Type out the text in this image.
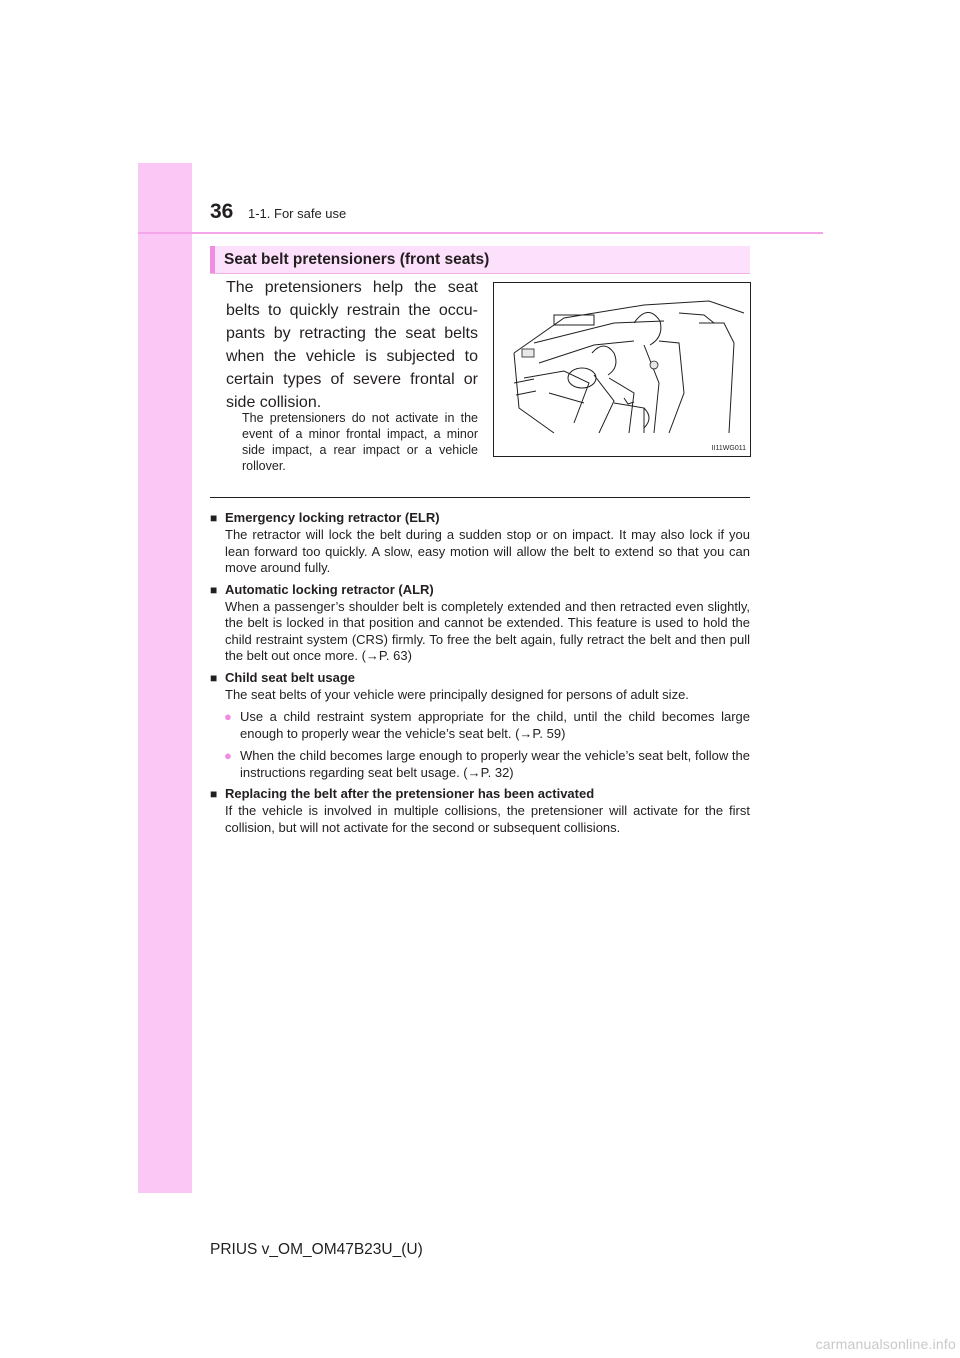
36 1-1. For safe use
Seat belt pretensioners (front seats)
The pretensioners help the seat belts to quickly restrain the occu-pants by retracting the seat belts when the vehicle is subjected to certain types of severe frontal or side collision.
The pretensioners do not activate in the event of a minor frontal impact, a minor side impact, a rear impact or a vehicle rollover.
II11WG011
■ Emergency locking retractor (ELR)
The retractor will lock the belt during a sudden stop or on impact. It may also lock if you lean forward too quickly. A slow, easy motion will allow the belt to extend so that you can move around fully.
■ Automatic locking retractor (ALR)
When a passenger’s shoulder belt is completely extended and then retracted even slightly, the belt is locked in that position and cannot be extended. This feature is used to hold the child restraint system (CRS) firmly. To free the belt again, fully retract the belt and then pull the belt out once more. (→P. 63)
■ Child seat belt usage
The seat belts of your vehicle were principally designed for persons of adult size.
● Use a child restraint system appropriate for the child, until the child becomes large enough to properly wear the vehicle’s seat belt. (→P. 59)
● When the child becomes large enough to properly wear the vehicle’s seat belt, follow the instructions regarding seat belt usage. (→P. 32)
■ Replacing the belt after the pretensioner has been activated
If the vehicle is involved in multiple collisions, the pretensioner will activate for the first collision, but will not activate for the second or subsequent collisions.
PRIUS v_OM_OM47B23U_(U)
carmanualsonline.info
